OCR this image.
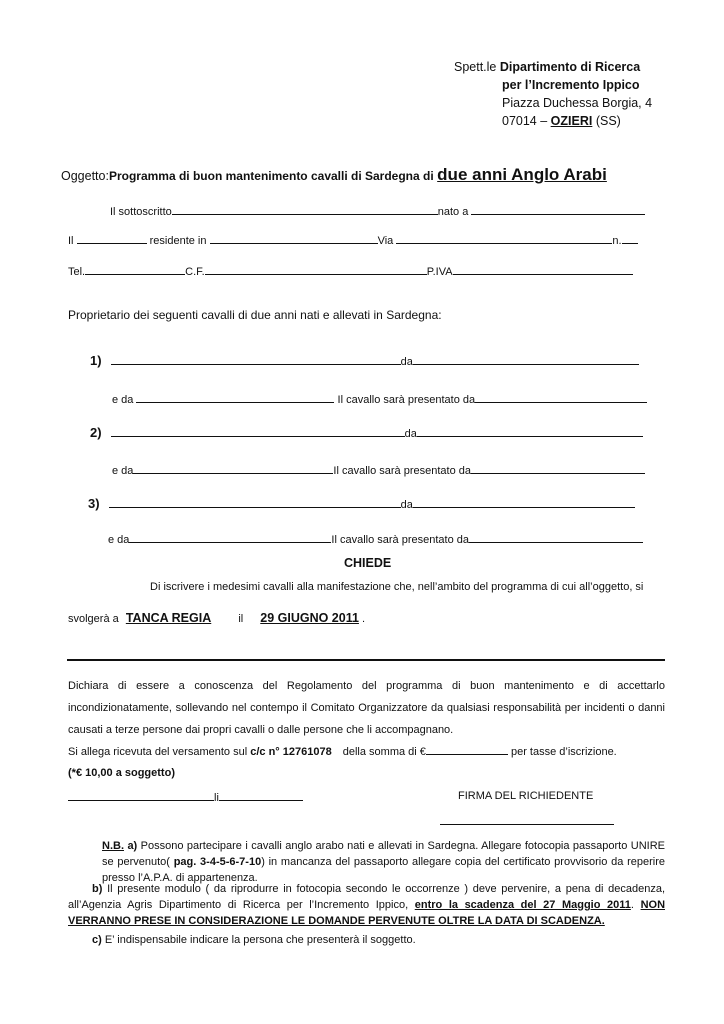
Spett.le Dipartimento di Ricerca
per l’Incremento Ippico
Piazza Duchessa Borgia, 4
07014 – OZIERI (SS)
Oggetto:Programma di buon mantenimento cavalli di Sardegna di due anni Anglo Arabi
Il sottoscritto	nato a
Il	residente in	Via	n.
Tel.	C.F.	P.IVA
Proprietario dei seguenti cavalli di due anni nati e allevati in Sardegna:
1)	da
e da	Il cavallo sarà presentato da
2)	da
e da	Il cavallo sarà presentato da
3)	da
e da	Il cavallo sarà presentato da
CHIEDE
Di iscrivere i medesimi cavalli alla manifestazione che, nell’ambito del programma di cui all’oggetto, si
svolgerà a TANCA REGIA il 29 GIUGNO 2011 .
Dichiara di essere a conoscenza del Regolamento del programma di buon mantenimento e di accettarlo incondizionatamente, sollevando nel contempo il Comitato Organizzatore da qualsiasi responsabilità per incidenti o danni causati a terze persone dai propri cavalli o dalle persone che li accompagnano.
Si allega ricevuta del versamento sul c/c n° 12761078 della somma di €	per tasse d’iscrizione.
(*€ 10,00 a soggetto)
li	FIRMA DEL RICHIEDENTE
N.B. a) Possono partecipare i cavalli anglo arabo nati e allevati in Sardegna. Allegare fotocopia passaporto UNIRE se pervenuto( pag. 3-4-5-6-7-10) in mancanza del passaporto allegare copia del certificato provvisorio da reperire presso l’A.P.A. di appartenenza.
b) Il presente modulo ( da riprodurre in fotocopia secondo le occorrenze ) deve pervenire, a pena di decadenza, all’Agenzia Agris Dipartimento di Ricerca per l’Incremento Ippico, entro la scadenza del 27 Maggio 2011. NON VERRANNO PRESE IN CONSIDERAZIONE LE DOMANDE PERVENUTE OLTRE LA DATA DI SCADENZA.
c) E’ indispensabile indicare la persona che presenterà il soggetto.
